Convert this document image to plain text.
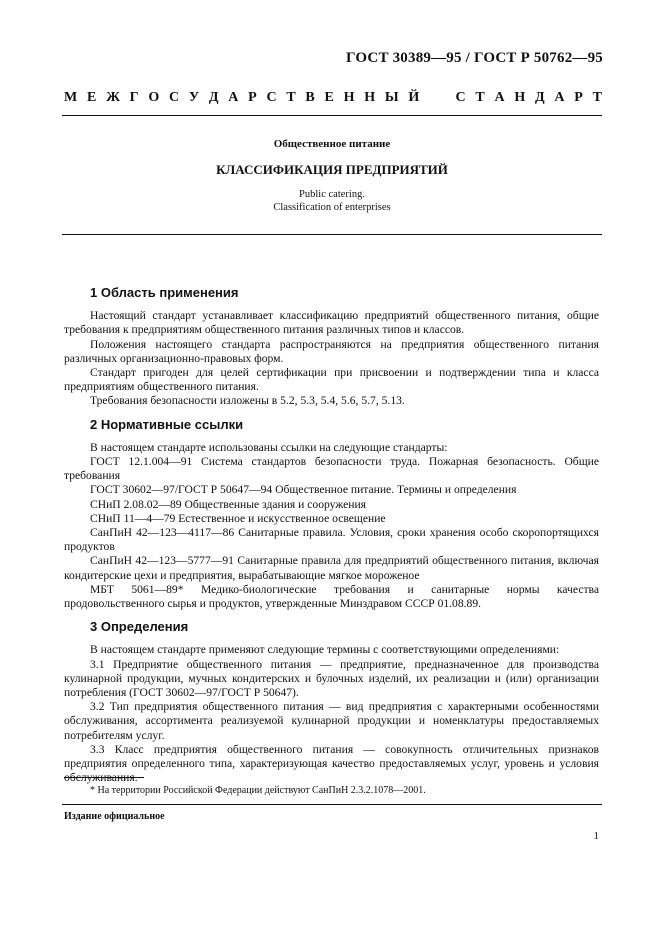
ГОСТ 30389—95 / ГОСТ Р 50762—95
М Е Ж Г О С У Д А Р С Т В Е Н Н Ы Й

	С Т А Н Д А Р Т
Общественное питание
КЛАССИФИКАЦИЯ ПРЕДПРИЯТИЙ
Public catering.
Classification of enterprises
1 Область применения

Настоящий стандарт устанавливает классификацию предприятий общественного питания, общие требования к предприятиям общественного питания различных типов и классов.

Положения настоящего стандарта распространяются на предприятия общественного питания различных организационно-правовых форм.

Стандарт пригоден для целей сертификации при присвоении и подтверждении типа и класса предприятиям общественного питания.

Требования безопасности изложены в 5.2, 5.3, 5.4, 5.6, 5.7, 5.13.

2 Нормативные ссылки

В настоящем стандарте использованы ссылки на следующие стандарты:

ГОСТ 12.1.004—91 Система стандартов безопасности труда. Пожарная безопасность. Общие требования

ГОСТ 30602—97/ГОСТ Р 50647—94 Общественное питание. Термины и определения

СНиП 2.08.02—89 Общественные здания и сооружения

СНиП 11—4—79 Естественное и искусственное освещение

СанПиН 42—123—4117—86 Санитарные правила. Условия, сроки хранения особо скоропортящихся продуктов

СанПиН 42—123—5777—91 Санитарные правила для предприятий общественного питания, включая кондитерские цехи и предприятия, вырабатывающие мягкое мороженое

МБТ 5061—89* Медико-биологические требования и санитарные нормы качества продовольственного сырья и продуктов, утвержденные Минздравом СССР 01.08.89.

3 Определения

В настоящем стандарте применяют следующие термины с соответствующими определениями:

3.1 Предприятие общественного питания — предприятие, предназначенное для производства кулинарной продукции, мучных кондитерских и булочных изделий, их реализации и (или) организации потребления (ГОСТ 30602—97/ГОСТ Р 50647).

3.2 Тип предприятия общественного питания — вид предприятия с характерными особенностями обслуживания, ассортимента реализуемой кулинарной продукции и номенклатуры предоставляемых потребителям услуг.

3.3 Класс предприятия общественного питания — совокупность отличительных признаков предприятия определенного типа, характеризующая качество предоставляемых услуг, уровень и условия обслуживания.

* На территории Российской Федерации действуют СанПиН 2.3.2.1078—2001.
Издание официальное
1
